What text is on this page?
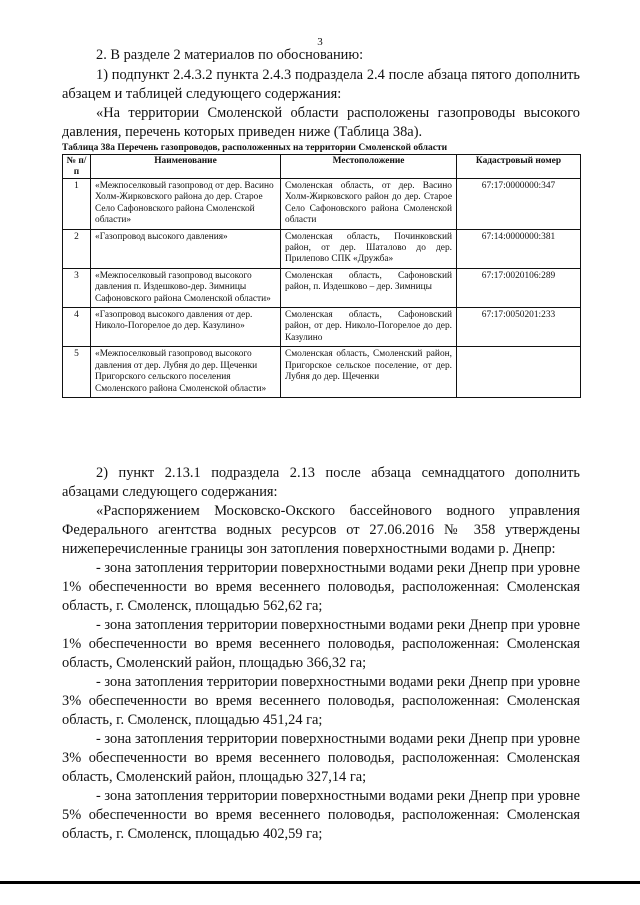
3

2. В разделе 2 материалов по обоснованию:

1) подпункт 2.4.3.2 пункта 2.4.3 подраздела 2.4 после абзаца пятого дополнить абзацем и таблицей следующего содержания:

«На территории Смоленской области расположены газопроводы высокого давления, перечень которых приведен ниже (Таблица 38а).

Таблица 38а Перечень газопроводов, расположенных на территории Смоленской области
№ п/п	Наименование	Местоположение	Кадастровый номер
1	«Межпоселковый газопровод от дер. Васино Холм-Жирковского района до дер. Старое Село Сафоновского района Смоленской области»	Смоленская область, от дер. Васино Холм-Жирковского район до дер. Старое Село Сафоновского района Смоленской области	67:17:0000000:347
2	«Газопровод высокого давления»	Смоленская область, Починковский район, от дер. Шаталово до дер. Прилепово СПК «Дружба»	67:14:0000000:381
3	«Межпоселковый газопровод высокого давления п. Издешково-дер. Зимницы Сафоновского района Смоленской области»	Смоленская область, Сафоновский район, п. Издешково – дер. Зимницы	67:17:0020106:289
4	«Газопровод высокого давления от дер. Николо-Погорелое до дер. Казулино»	Смоленская область, Сафоновский район, от дер. Николо-Погорелое до дер. Казулино	67:17:0050201:233
5	«Межпоселковый газопровод высокого давления от дер. Лубня до дер. Щеченки Пригорского сельского поселения Смоленского района Смоленской области»	Смоленская область, Смоленский район, Пригорское сельское поселение, от дер. Лубня до дер. Щеченки	

2) пункт 2.13.1 подраздела 2.13 после абзаца семнадцатого дополнить абзацами следующего содержания:

«Распоряжением Московско-Окского бассейнового водного управления Федерального агентства водных ресурсов от 27.06.2016 № 358 утверждены нижеперечисленные границы зон затопления поверхностными водами р. Днепр:

- зона затопления территории поверхностными водами реки Днепр при уровне 1% обеспеченности во время весеннего половодья, расположенная: Смоленская область, г. Смоленск, площадью 562,62 га;

- зона затопления территории поверхностными водами реки Днепр при уровне 1% обеспеченности во время весеннего половодья, расположенная: Смоленская область, Смоленский район, площадью 366,32 га;

- зона затопления территории поверхностными водами реки Днепр при уровне 3% обеспеченности во время весеннего половодья, расположенная: Смоленская область, г. Смоленск, площадью 451,24 га;

- зона затопления территории поверхностными водами реки Днепр при уровне 3% обеспеченности во время весеннего половодья, расположенная: Смоленская область, Смоленский район, площадью 327,14 га;

- зона затопления территории поверхностными водами реки Днепр при уровне 5% обеспеченности во время весеннего половодья, расположенная: Смоленская область, г. Смоленск, площадью 402,59 га;
